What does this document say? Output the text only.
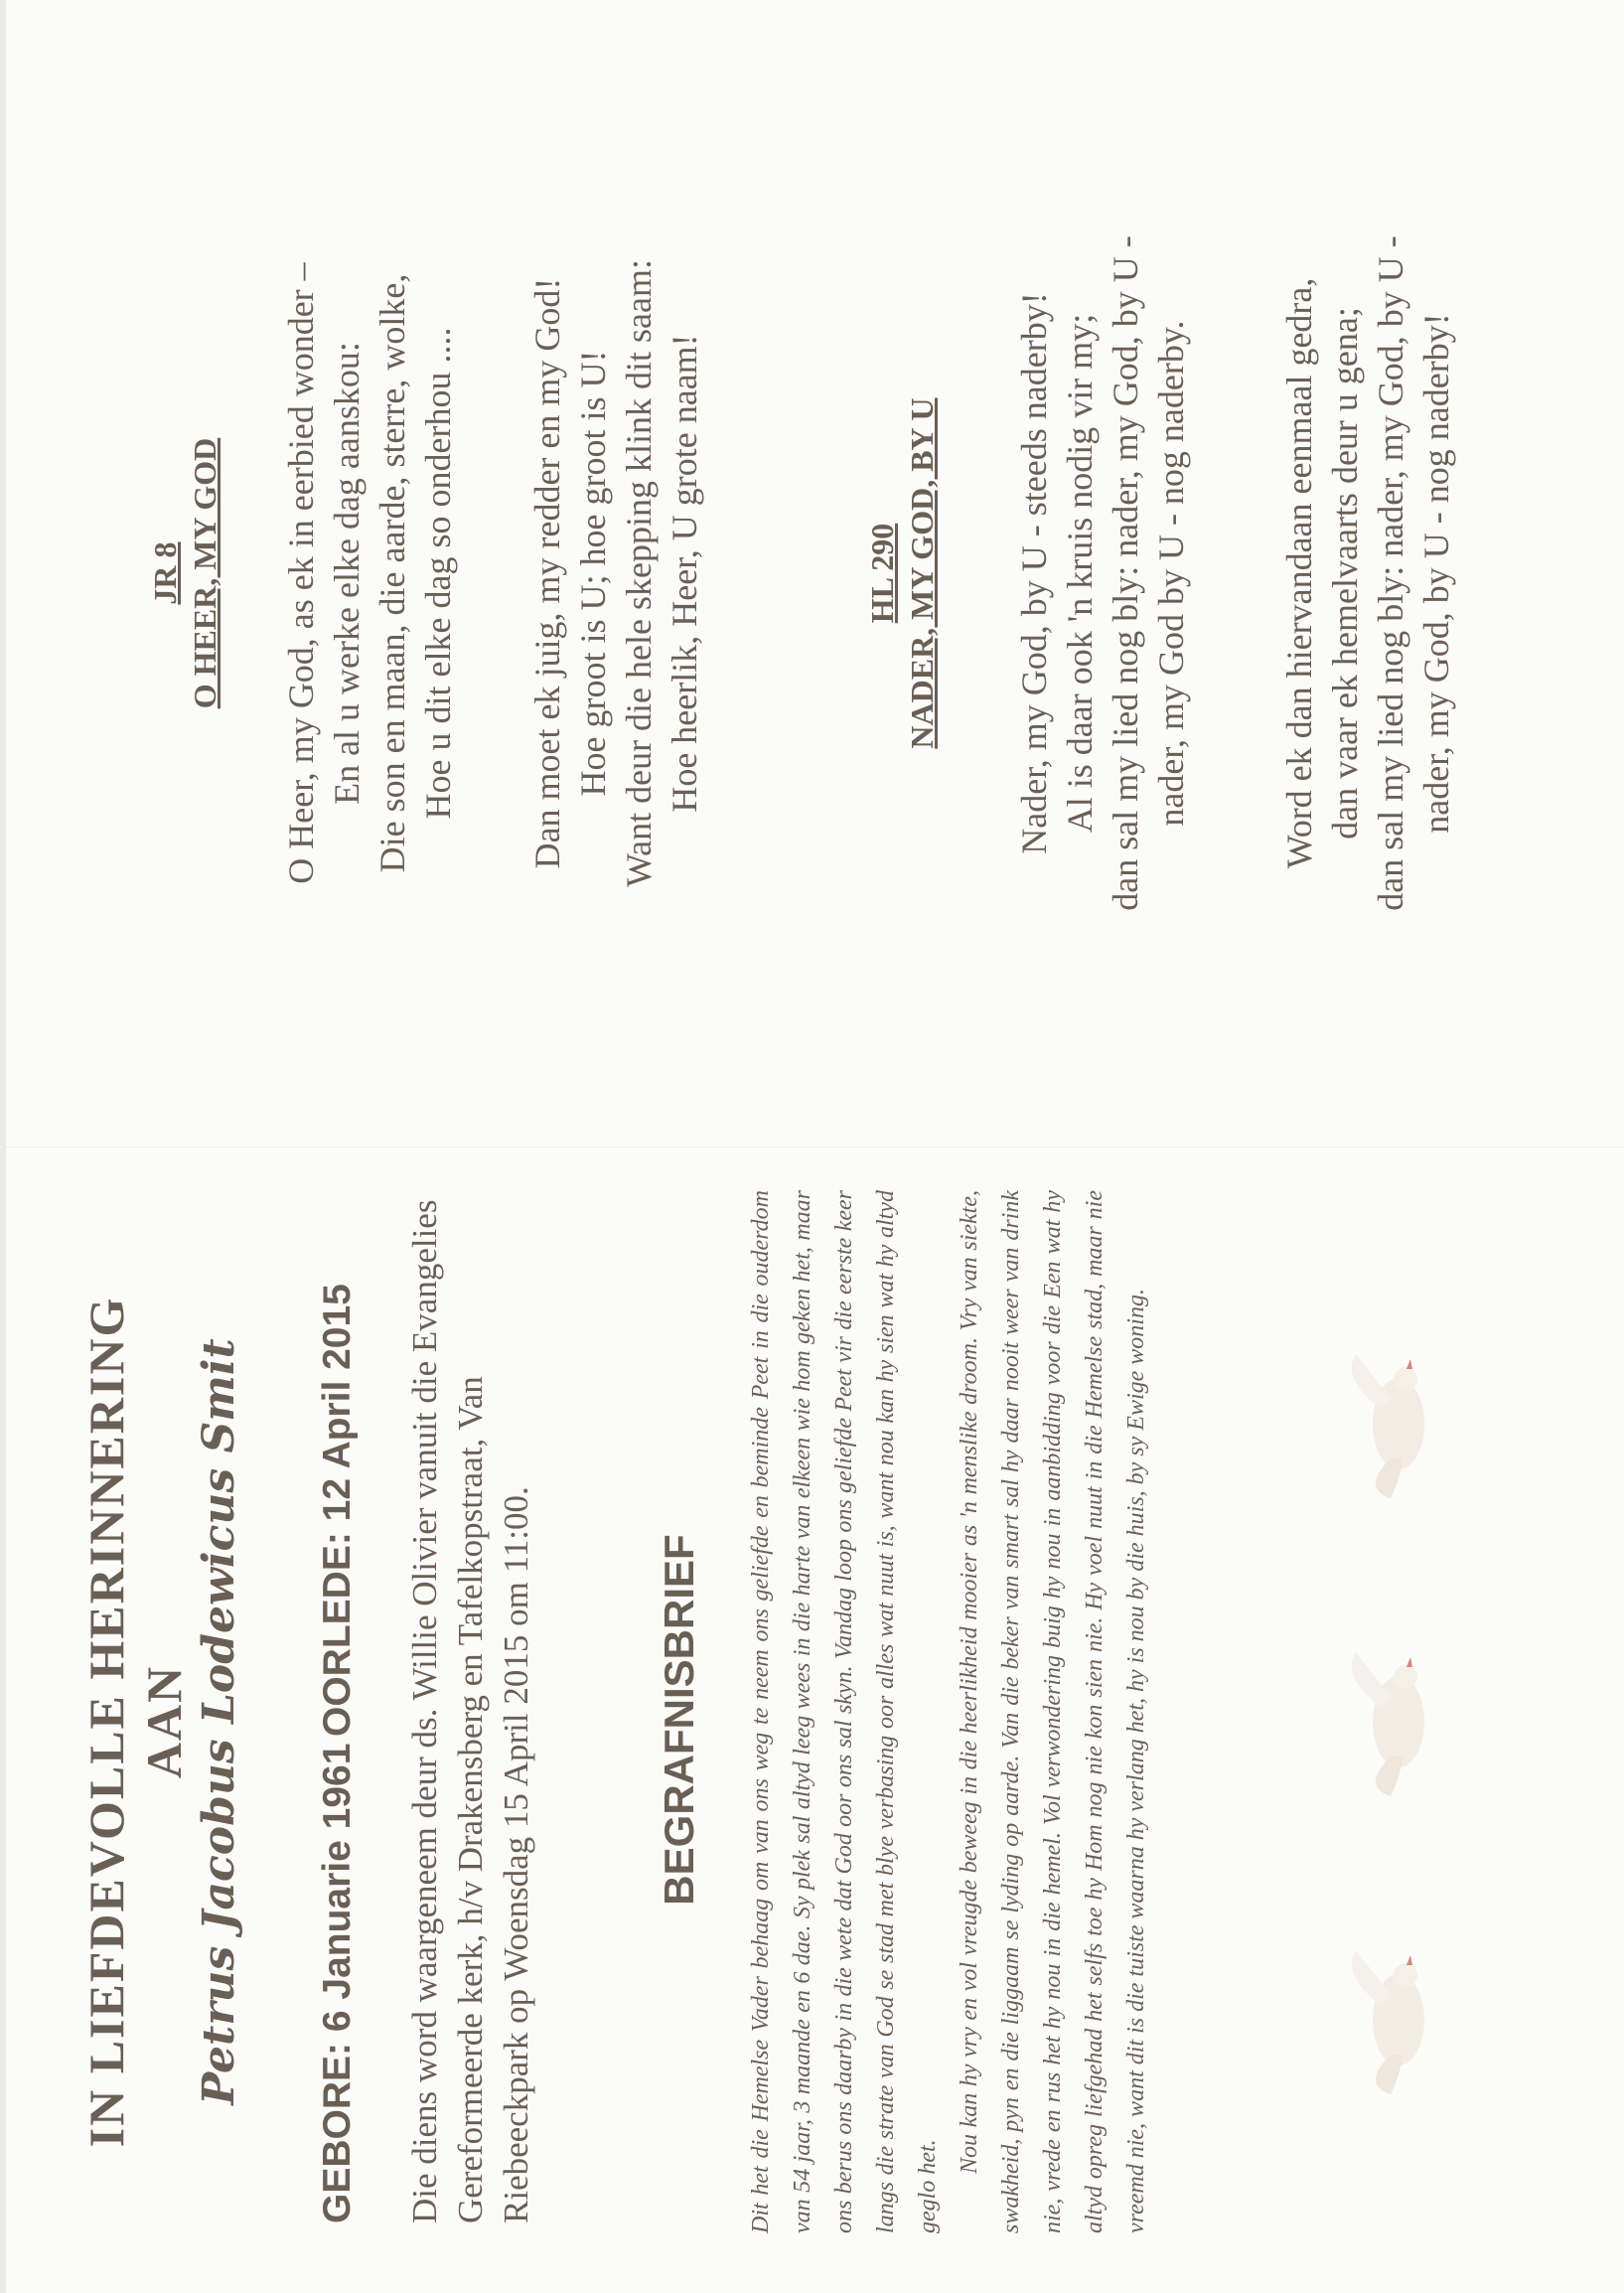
IN LIEFDEVOLLE HERINNERING AAN Petrus Jacobus Lodewicus Smit GEBORE: 6 Januarie 1961
OORLEDE: 12 April 2015 Die diens word waargeneem deur ds. Willie Olivier vanuit die Evangelies Gereformeerde kerk, h/v Drakensberg en Tafelkopstraat, Van Riebeeckpark op Woensdag 15 April 2015 om 11:00.	BEGRAFNISBRIEF	Dit het die Hemelse Vader behaag om van ons weg te neem ons geliefde en beminde Peet in die ouderdom van 54 jaar, 3 maande en 6 dae. Sy plek sal altyd leeg wees in die harte van elkeen wie hom geken het, maar ons berus ons daarby in die wete dat God oor ons sal skyn. Vandag loop ons geliefde Peet vir die eerste keer langs die strate van God se stad met blye verbasing oor alles wat nuut is, want nou kan hy sien wat hy altyd geglo het.

Nou kan hy vry en vol vreugde beweeg in die heerlikheid mooier as 'n menslike droom. Vry van siekte, swakheid, pyn en die liggaam se lyding op aarde. Van die beker van smart sal hy daar nooit weer van drink nie, vrede en rus het hy nou in die hemel. Vol verwondering buig hy nou in aanbidding voor die Een wat hy altyd opreg liefgehad het selfs toe hy Hom nog nie kon sien nie. Hy voel nuut in die Hemelse stad, maar nie vreemd nie, want dit is die tuiste waarna hy verlang het, hy is nou by die huis, by sy Ewige woning.

JR 8 O HEER, MY GOD O Heer, my God, as ek in eerbied wonder – En al u werke elke dag aanskou: Die son en maan, die aarde, sterre, wolke, Hoe u dit elke dag so onderhou .... Dan moet ek juig, my redder en my God! Hoe groot is U; hoe groot is U! Want deur die hele skepping klink dit saam: Hoe heerlik, Heer, U grote naam!	HL 290 NADER, MY GOD, BY U Nader, my God, by U - steeds naderby! Al is daar ook 'n kruis nodig vir my; dan sal my lied nog bly: nader, my God, by U - nader, my God by U - nog naderby. Word ek dan hiervandaan eenmaal gedra, dan vaar ek hemelvaarts deur u gena; dan sal my lied nog bly: nader, my God, by U - nader, my God, by U - nog naderby!
